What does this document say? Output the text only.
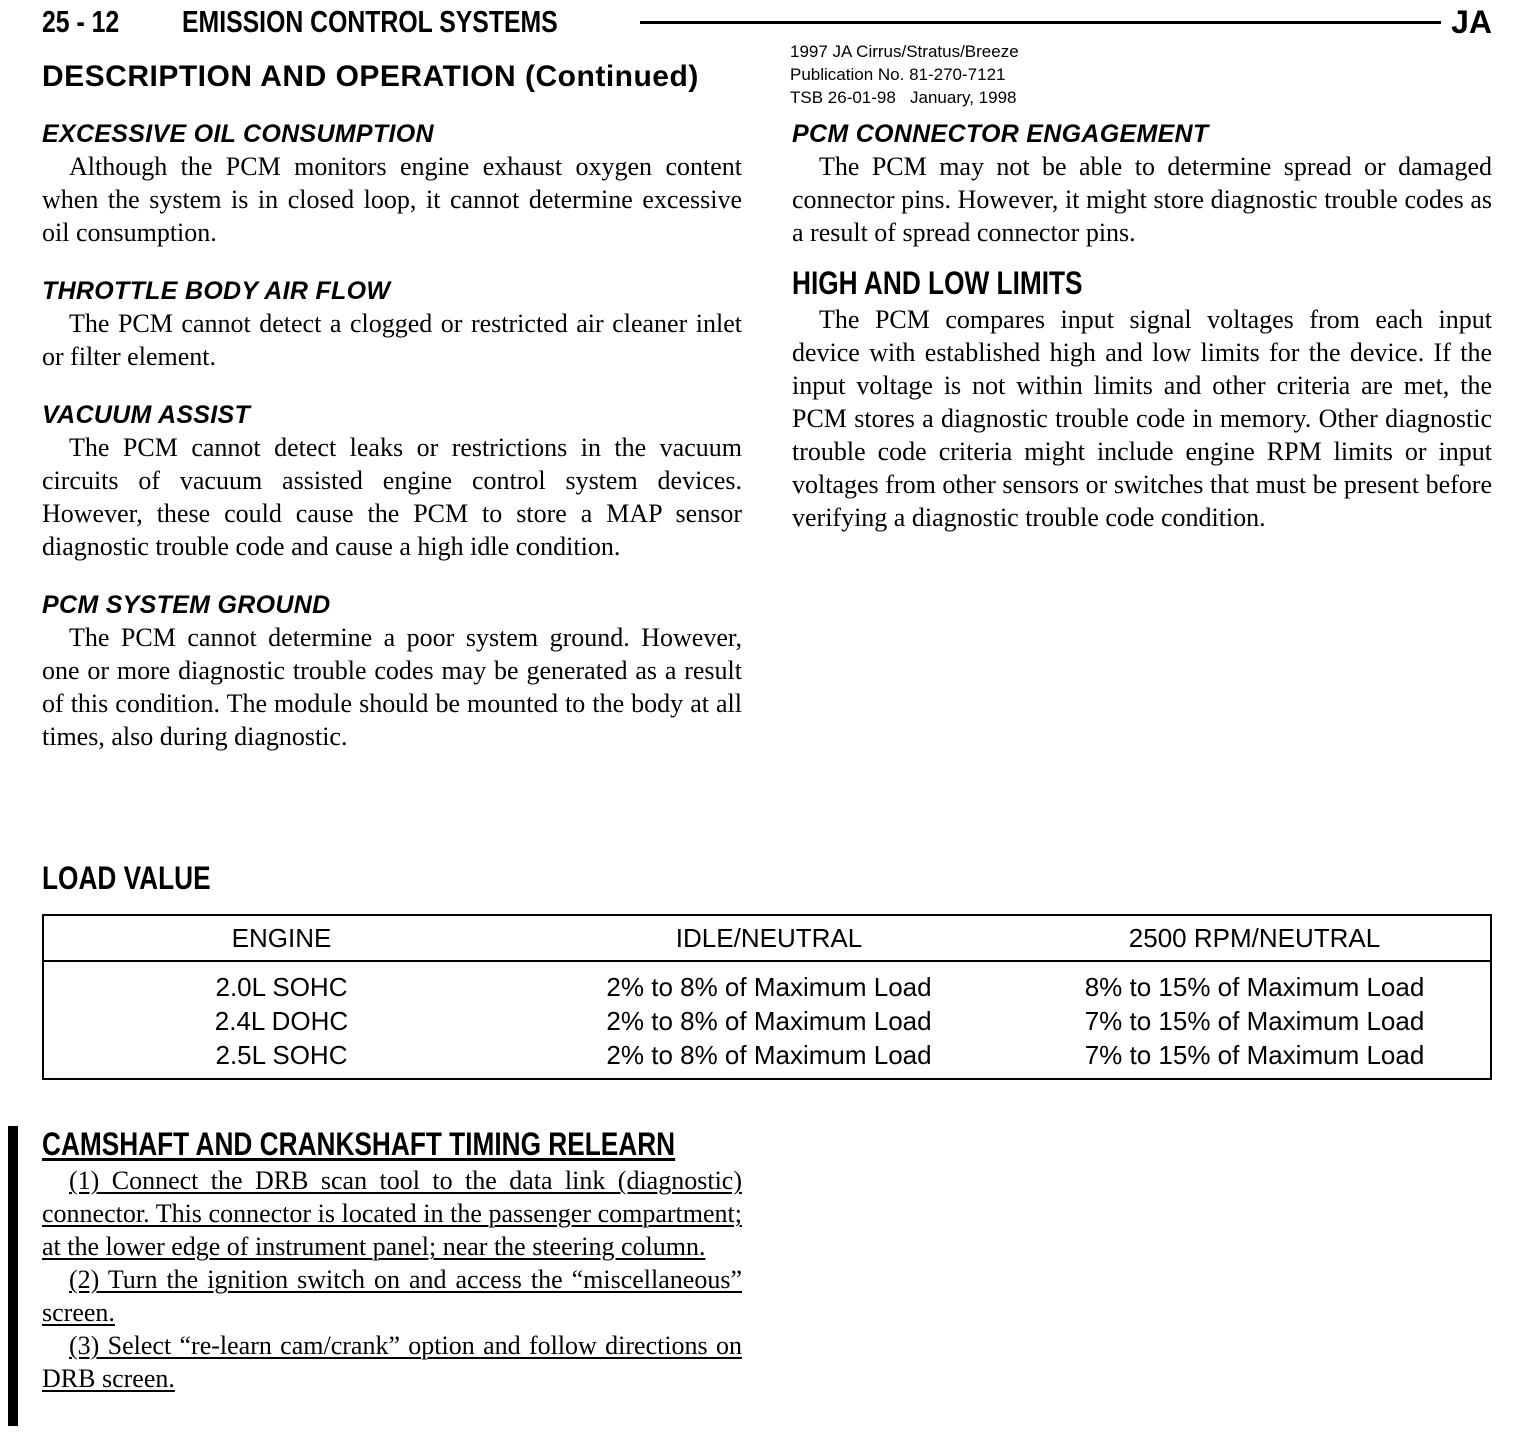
25 - 12	EMISSION CONTROL SYSTEMS	JA
1997 JA Cirrus/Stratus/Breeze
Publication No. 81-270-7121
TSB 26-01-98   January, 1998
DESCRIPTION AND OPERATION (Continued)
EXCESSIVE OIL CONSUMPTION

Although the PCM monitors engine exhaust oxygen content when the system is in closed loop, it cannot determine excessive oil consumption.

THROTTLE BODY AIR FLOW

The PCM cannot detect a clogged or restricted air cleaner inlet or filter element.

VACUUM ASSIST

The PCM cannot detect leaks or restrictions in the vacuum circuits of vacuum assisted engine control system devices. However, these could cause the PCM to store a MAP sensor diagnostic trouble code and cause a high idle condition.

PCM SYSTEM GROUND

The PCM cannot determine a poor system ground. However, one or more diagnostic trouble codes may be generated as a result of this condition. The module should be mounted to the body at all times, also during diagnostic.

PCM CONNECTOR ENGAGEMENT

The PCM may not be able to determine spread or damaged connector pins. However, it might store diagnostic trouble codes as a result of spread connector pins.

HIGH AND LOW LIMITS

The PCM compares input signal voltages from each input device with established high and low limits for the device. If the input voltage is not within limits and other criteria are met, the PCM stores a diagnostic trouble code in memory. Other diagnostic trouble code criteria might include engine RPM limits or input voltages from other sensors or switches that must be present before verifying a diagnostic trouble code condition.

LOAD VALUE
ENGINE	IDLE/NEUTRAL	2500 RPM/NEUTRAL
2.0L SOHC	2% to 8% of Maximum Load	8% to 15% of Maximum Load
2.4L DOHC	2% to 8% of Maximum Load	7% to 15% of Maximum Load
2.5L SOHC	2% to 8% of Maximum Load	7% to 15% of Maximum Load
CAMSHAFT AND CRANKSHAFT TIMING RELEARN

(1) Connect the DRB scan tool to the data link (diagnostic) connector. This connector is located in the passenger compartment; at the lower edge of instrument panel; near the steering column.

(2) Turn the ignition switch on and access the “miscellaneous” screen.

(3) Select “re-learn cam/crank” option and follow directions on DRB screen.
